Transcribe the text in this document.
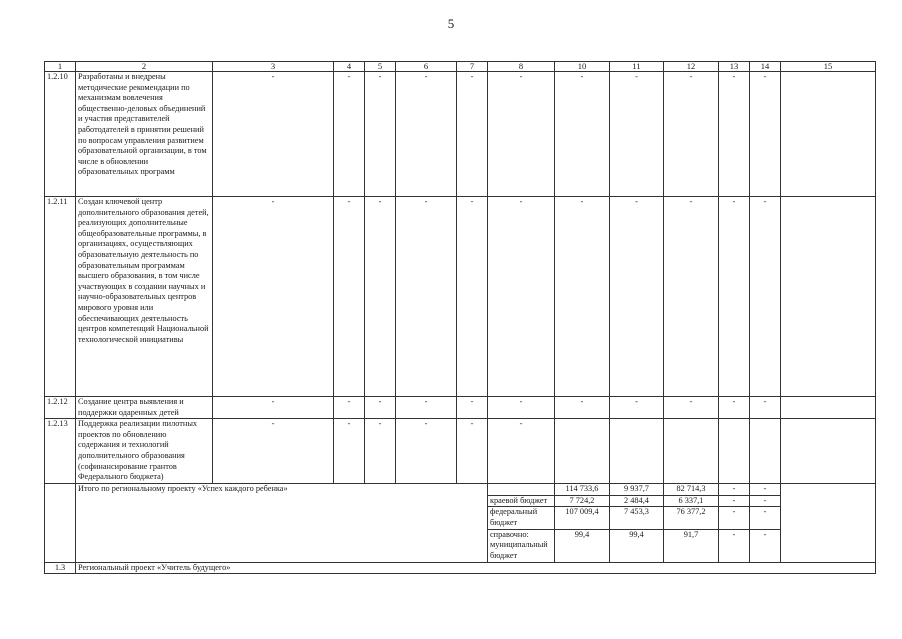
5
1	2	3	4	5	6	7	8	10	11	12	13	14	15
1.2.10	Разработаны и внедрены методические рекомендации по механизмам вовлечения общественно-деловых объединений и участия представителей работодателей в принятии решений по вопросам управления развитием образовательной организации, в том числе в обновлении образовательных программ	-	-	-	-	-	-	-	-	-	-	-	
1.2.11	Создан ключевой центр дополнительного образования детей, реализующих дополнительные общеобразовательные программы, в организациях, осуществляющих образовательную деятельность по образовательным программам высшего образования, в том числе участвующих в создании научных и научно-образовательных центров мирового уровня или обеспечивающих деятельность центров компетенций Национальной технологической инициативы	-	-	-	-	-	-	-	-	-	-	-	
1.2.12	Создание центра выявления и поддержки одаренных детей	-	-	-	-	-	-	-	-	-	-	-	
1.2.13	Поддержка реализации пилотных проектов по обновлению содержания и технологий дополнительного образования (софинансирование грантов Федерального бюджета)	-	-	-	-	-	-						
	Итого по региональному проекту «Успех каждого ребенка»							114 733,6	9 937,7	82 714,3	-	-	
							краевой бюджет	7 724,2	2 484,4	6 337,1	-	-	
							федеральный бюджет	107 009,4	7 453,3	76 377,2	-	-	
							справочно: муниципальный бюджет	99,4	99,4	91,7	-	-	
1.3	Региональный проект «Учитель будущего»												
